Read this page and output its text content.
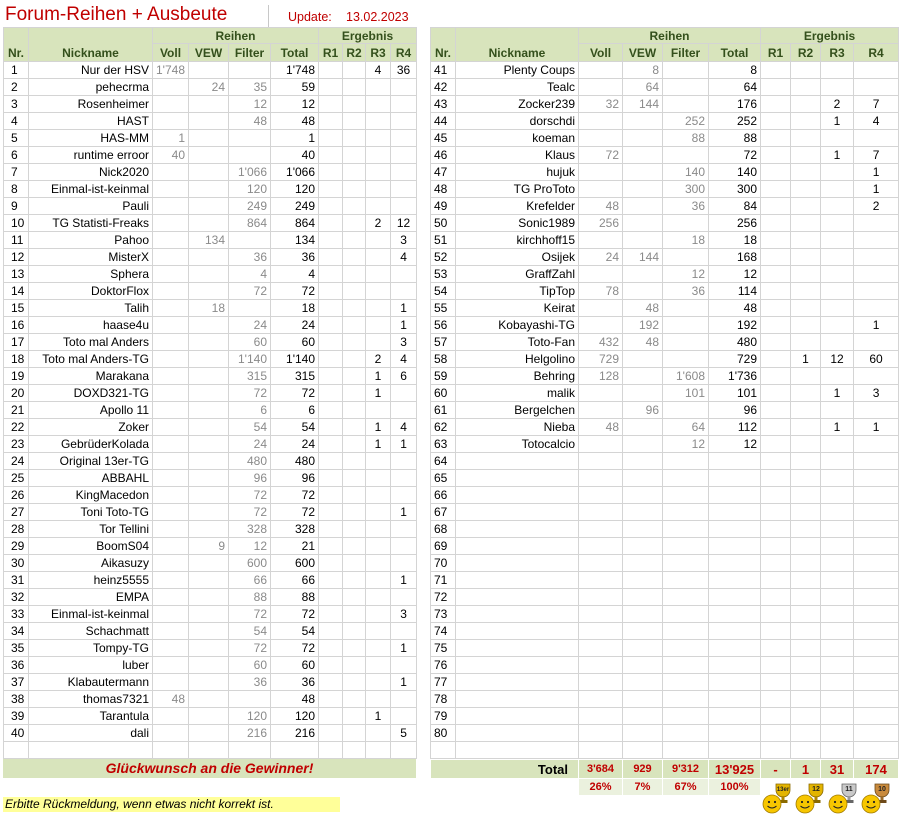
Forum-Reihen + Ausbeute	Update: 13.02.2023
Nr.	Nickname	Reihen				Ergebnis			
		Voll	VEW	Filter	Total	R1	R2	R3	R4
1	Nur der HSV	1'748			1'748			4	36
2	pehecrma		24	35	59				
3	Rosenheimer			12	12				
4	HAST			48	48				
5	HAS-MM	1			1				
6	runtime erroor	40			40				
7	Nick2020			1'066	1'066				
8	Einmal-ist-keinmal			120	120				
9	Pauli			249	249				
10	TG Statisti-Freaks			864	864			2	12
11	Pahoo		134		134				3
12	MisterX			36	36				4
13	Sphera			4	4				
14	DoktorFlox			72	72				
15	Talih		18		18				1
16	haase4u			24	24				1
17	Toto mal Anders			60	60				3
18	Toto mal Anders-TG			1'140	1'140			2	4
19	Marakana			315	315			1	6
20	DOXD321-TG			72	72			1	
21	Apollo 11			6	6				
22	Zoker			54	54			1	4
23	GebrüderKolada			24	24			1	1
24	Original 13er-TG			480	480				
25	ABBAHL			96	96				
26	KingMacedon			72	72				
27	Toni Toto-TG			72	72				1
28	Tor Tellini			328	328				
29	BoomS04		9	12	21				
30	Aikasuzy			600	600				
31	heinz5555			66	66				1
32	EMPA			88	88				
33	Einmal-ist-keinmal			72	72				3
34	Schachmatt			54	54				
35	Tompy-TG			72	72				1
36	luber			60	60				
37	Klabautermann			36	36				1
38	thomas7321	48			48				
39	Tarantula			120	120			1	
40	dali			216	216				5

Nr.	Nickname	Reihen				Ergebnis			
		Voll	VEW	Filter	Total	R1	R2	R3	R4
41	Plenty Coups		8		8				
42	Tealc		64		64				
43	Zocker239	32	144		176			2	7
44	dorschdi			252	252			1	4
45	koeman			88	88				
46	Klaus	72			72			1	7
47	hujuk			140	140				1
48	TG ProToto			300	300				1
49	Krefelder	48		36	84				2
50	Sonic1989	256			256				
51	kirchhoff15			18	18				
52	Osijek	24	144		168				
53	GraffZahl			12	12				
54	TipTop	78		36	114				
55	Keirat		48		48				
56	Kobayashi-TG		192		192				1
57	Toto-Fan	432	48		480				
58	Helgolino	729			729		1	12	60
59	Behring	128		1'608	1'736				
60	malik			101	101			1	3
61	Bergelchen		96		96				
62	Nieba	48		64	112			1	1
63	Totocalcio			12	12				
64									
65									
66									
67									
68									
69									
70									
71									
72									
73									
74									
75									
76									
77									
78									
79									
80									

Glückwunsch an die Gewinner!	Total	3'684	929	9'312	13'925	-	1	31	174
	26%	7%	67%	100%				
Erbitte Rückmeldung, wenn etwas nicht korrekt ist.
13er	12	11	10
